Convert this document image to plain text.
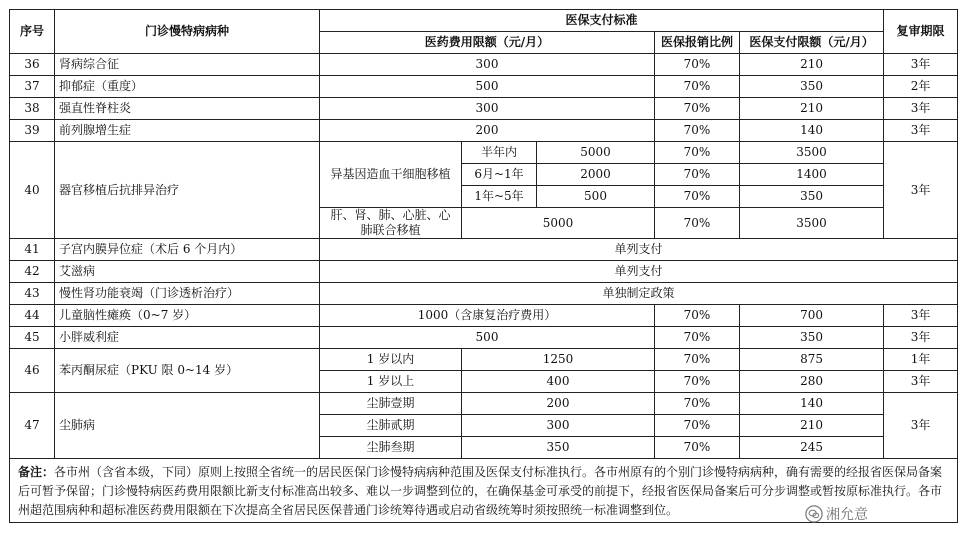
序号	门诊慢特病病种	医保支付标准					复审期限
		医药费用限额（元/月）			医保报销比例	医保支付限额（元/月）	
36	肾病综合征	300			70%	210	3年
37	抑郁症（重度）	500			70%	350	2年
38	强直性脊柱炎	300			70%	210	3年
39	前列腺增生症	200			70%	140	3年
40	器官移植后抗排异治疗	异基因造血干细胞移植	半年内	5000	70%	3500	3年
			6月~1年	2000	70%	1400	
			1年~5年	500	70%	350	
		肝、肾、肺、心脏、心肺联合移植	5000		70%	3500	
41	子宫内膜异位症（术后 6 个月内）	单列支付					
42	艾滋病	单列支付					
43	慢性肾功能衰竭（门诊透析治疗）	单独制定政策					
44	儿童脑性瘫痪（0~7 岁）	1000（含康复治疗费用）			70%	700	3年
45	小胖威利症	500			70%	350	3年
46	苯丙酮尿症（PKU 限 0~14 岁）	1 岁以内	1250		70%	875	1年
		1 岁以上	400		70%	280	3年
47	尘肺病	尘肺壹期	200		70%	140	3年
		尘肺贰期	300		70%	210	
		尘肺叁期	350		70%	245	
备注：各市州（含省本级，下同）原则上按照全省统一的居民医保门诊慢特病病种范围及医保支付标准执行。各市州原有的个别门诊慢特病病种，确有需要的经报省医保局备案后可暂予保留；门诊慢特病医药费用限额比新支付标准高出较多、难以一步调整到位的，在确保基金可承受的前提下，经报省医保局备案后可分步调整或暂按原标准执行。各市州超范围病种和超标准医药费用限额在下次提高全省居民医保普通门诊统筹待遇或启动省级统筹时须按照统一标准调整到位。								湘允意
